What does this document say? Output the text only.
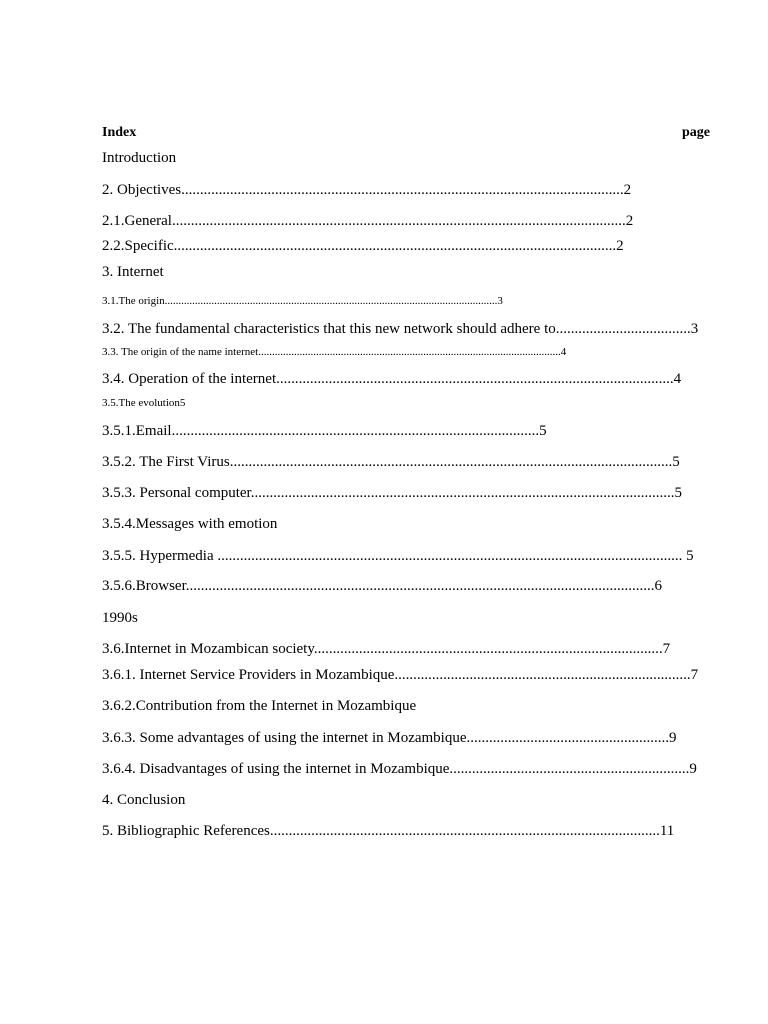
Index	page
Introduction
2. Objectives......................................................................................................................2
2.1.General.........................................................................................................................2
2.2.Specific......................................................................................................................2
3. Internet
3.1.The origin.........................................................................................................................3
3.2. The fundamental characteristics that this new network should adhere to....................................3
3.3. The origin of the name internet..............................................................................................................4
3.4. Operation of the internet..........................................................................................................4
3.5.The evolution5
3.5.1.Email..................................................................................................5
3.5.2. The First Virus......................................................................................................................5
3.5.3. Personal computer.................................................................................................................5
3.5.4.Messages with emotion
3.5.5. Hypermedia ............................................................................................................................ 5
3.5.6.Browser.............................................................................................................................6
1990s
3.6.Internet in Mozambican society.............................................................................................7
3.6.1. Internet Service Providers in Mozambique...............................................................................7
3.6.2.Contribution from the Internet in Mozambique
3.6.3. Some advantages of using the internet in Mozambique......................................................9
3.6.4. Disadvantages of using the internet in Mozambique................................................................9
4. Conclusion
5. Bibliographic References........................................................................................................11
